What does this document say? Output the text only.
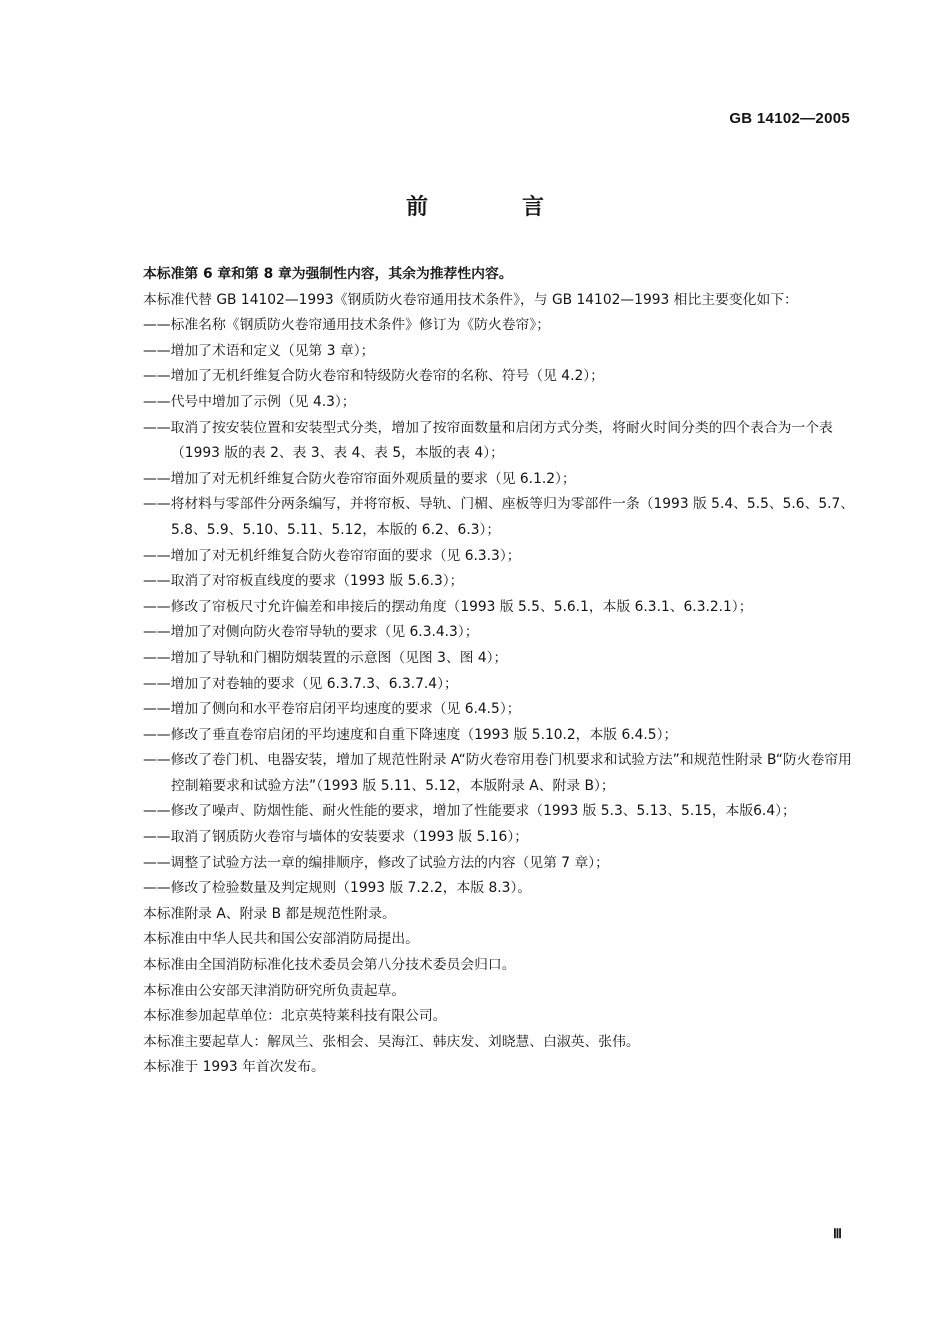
GB 14102—2005
前　言

本标准第 6 章和第 8 章为强制性内容，其余为推荐性内容。

本标准代替 GB 14102—1993《钢质防火卷帘通用技术条件》，与 GB 14102—1993 相比主要变化如下：

——标准名称《钢质防火卷帘通用技术条件》修订为《防火卷帘》；

——增加了术语和定义（见第 3 章）；

——增加了无机纤维复合防火卷帘和特级防火卷帘的名称、符号（见 4.2）；

——代号中增加了示例（见 4.3）；

——取消了按安装位置和安装型式分类，增加了按帘面数量和启闭方式分类，将耐火时间分类的四个表合为一个表（1993 版的表 2、表 3、表 4、表 5，本版的表 4）；

——增加了对无机纤维复合防火卷帘帘面外观质量的要求（见 6.1.2）；

——将材料与零部件分两条编写，并将帘板、导轨、门楣、座板等归为零部件一条（1993 版 5.4、5.5、5.6、5.7、5.8、5.9、5.10、5.11、5.12，本版的 6.2、6.3）；

——增加了对无机纤维复合防火卷帘帘面的要求（见 6.3.3）；

——取消了对帘板直线度的要求（1993 版 5.6.3）；

——修改了帘板尺寸允许偏差和串接后的摆动角度（1993 版 5.5、5.6.1，本版 6.3.1、6.3.2.1）；

——增加了对侧向防火卷帘导轨的要求（见 6.3.4.3）；

——增加了导轨和门楣防烟装置的示意图（见图 3、图 4）；

——增加了对卷轴的要求（见 6.3.7.3、6.3.7.4）；

——增加了侧向和水平卷帘启闭平均速度的要求（见 6.4.5）；

——修改了垂直卷帘启闭的平均速度和自重下降速度（1993 版 5.10.2，本版 6.4.5）；

——修改了卷门机、电器安装，增加了规范性附录 A“防火卷帘用卷门机要求和试验方法”和规范性附录 B“防火卷帘用控制箱要求和试验方法”（1993 版 5.11、5.12，本版附录 A、附录 B）；

——修改了噪声、防烟性能、耐火性能的要求，增加了性能要求（1993 版 5.3、5.13、5.15，本版6.4）；

——取消了钢质防火卷帘与墙体的安装要求（1993 版 5.16）；

——调整了试验方法一章的编排顺序，修改了试验方法的内容（见第 7 章）；

——修改了检验数量及判定规则（1993 版 7.2.2，本版 8.3）。

本标准附录 A、附录 B 都是规范性附录。

本标准由中华人民共和国公安部消防局提出。

本标准由全国消防标准化技术委员会第八分技术委员会归口。

本标准由公安部天津消防研究所负责起草。

本标准参加起草单位：北京英特莱科技有限公司。

本标准主要起草人：解凤兰、张相会、吴海江、韩庆发、刘晓慧、白淑英、张伟。

本标准于 1993 年首次发布。

Ⅲ
